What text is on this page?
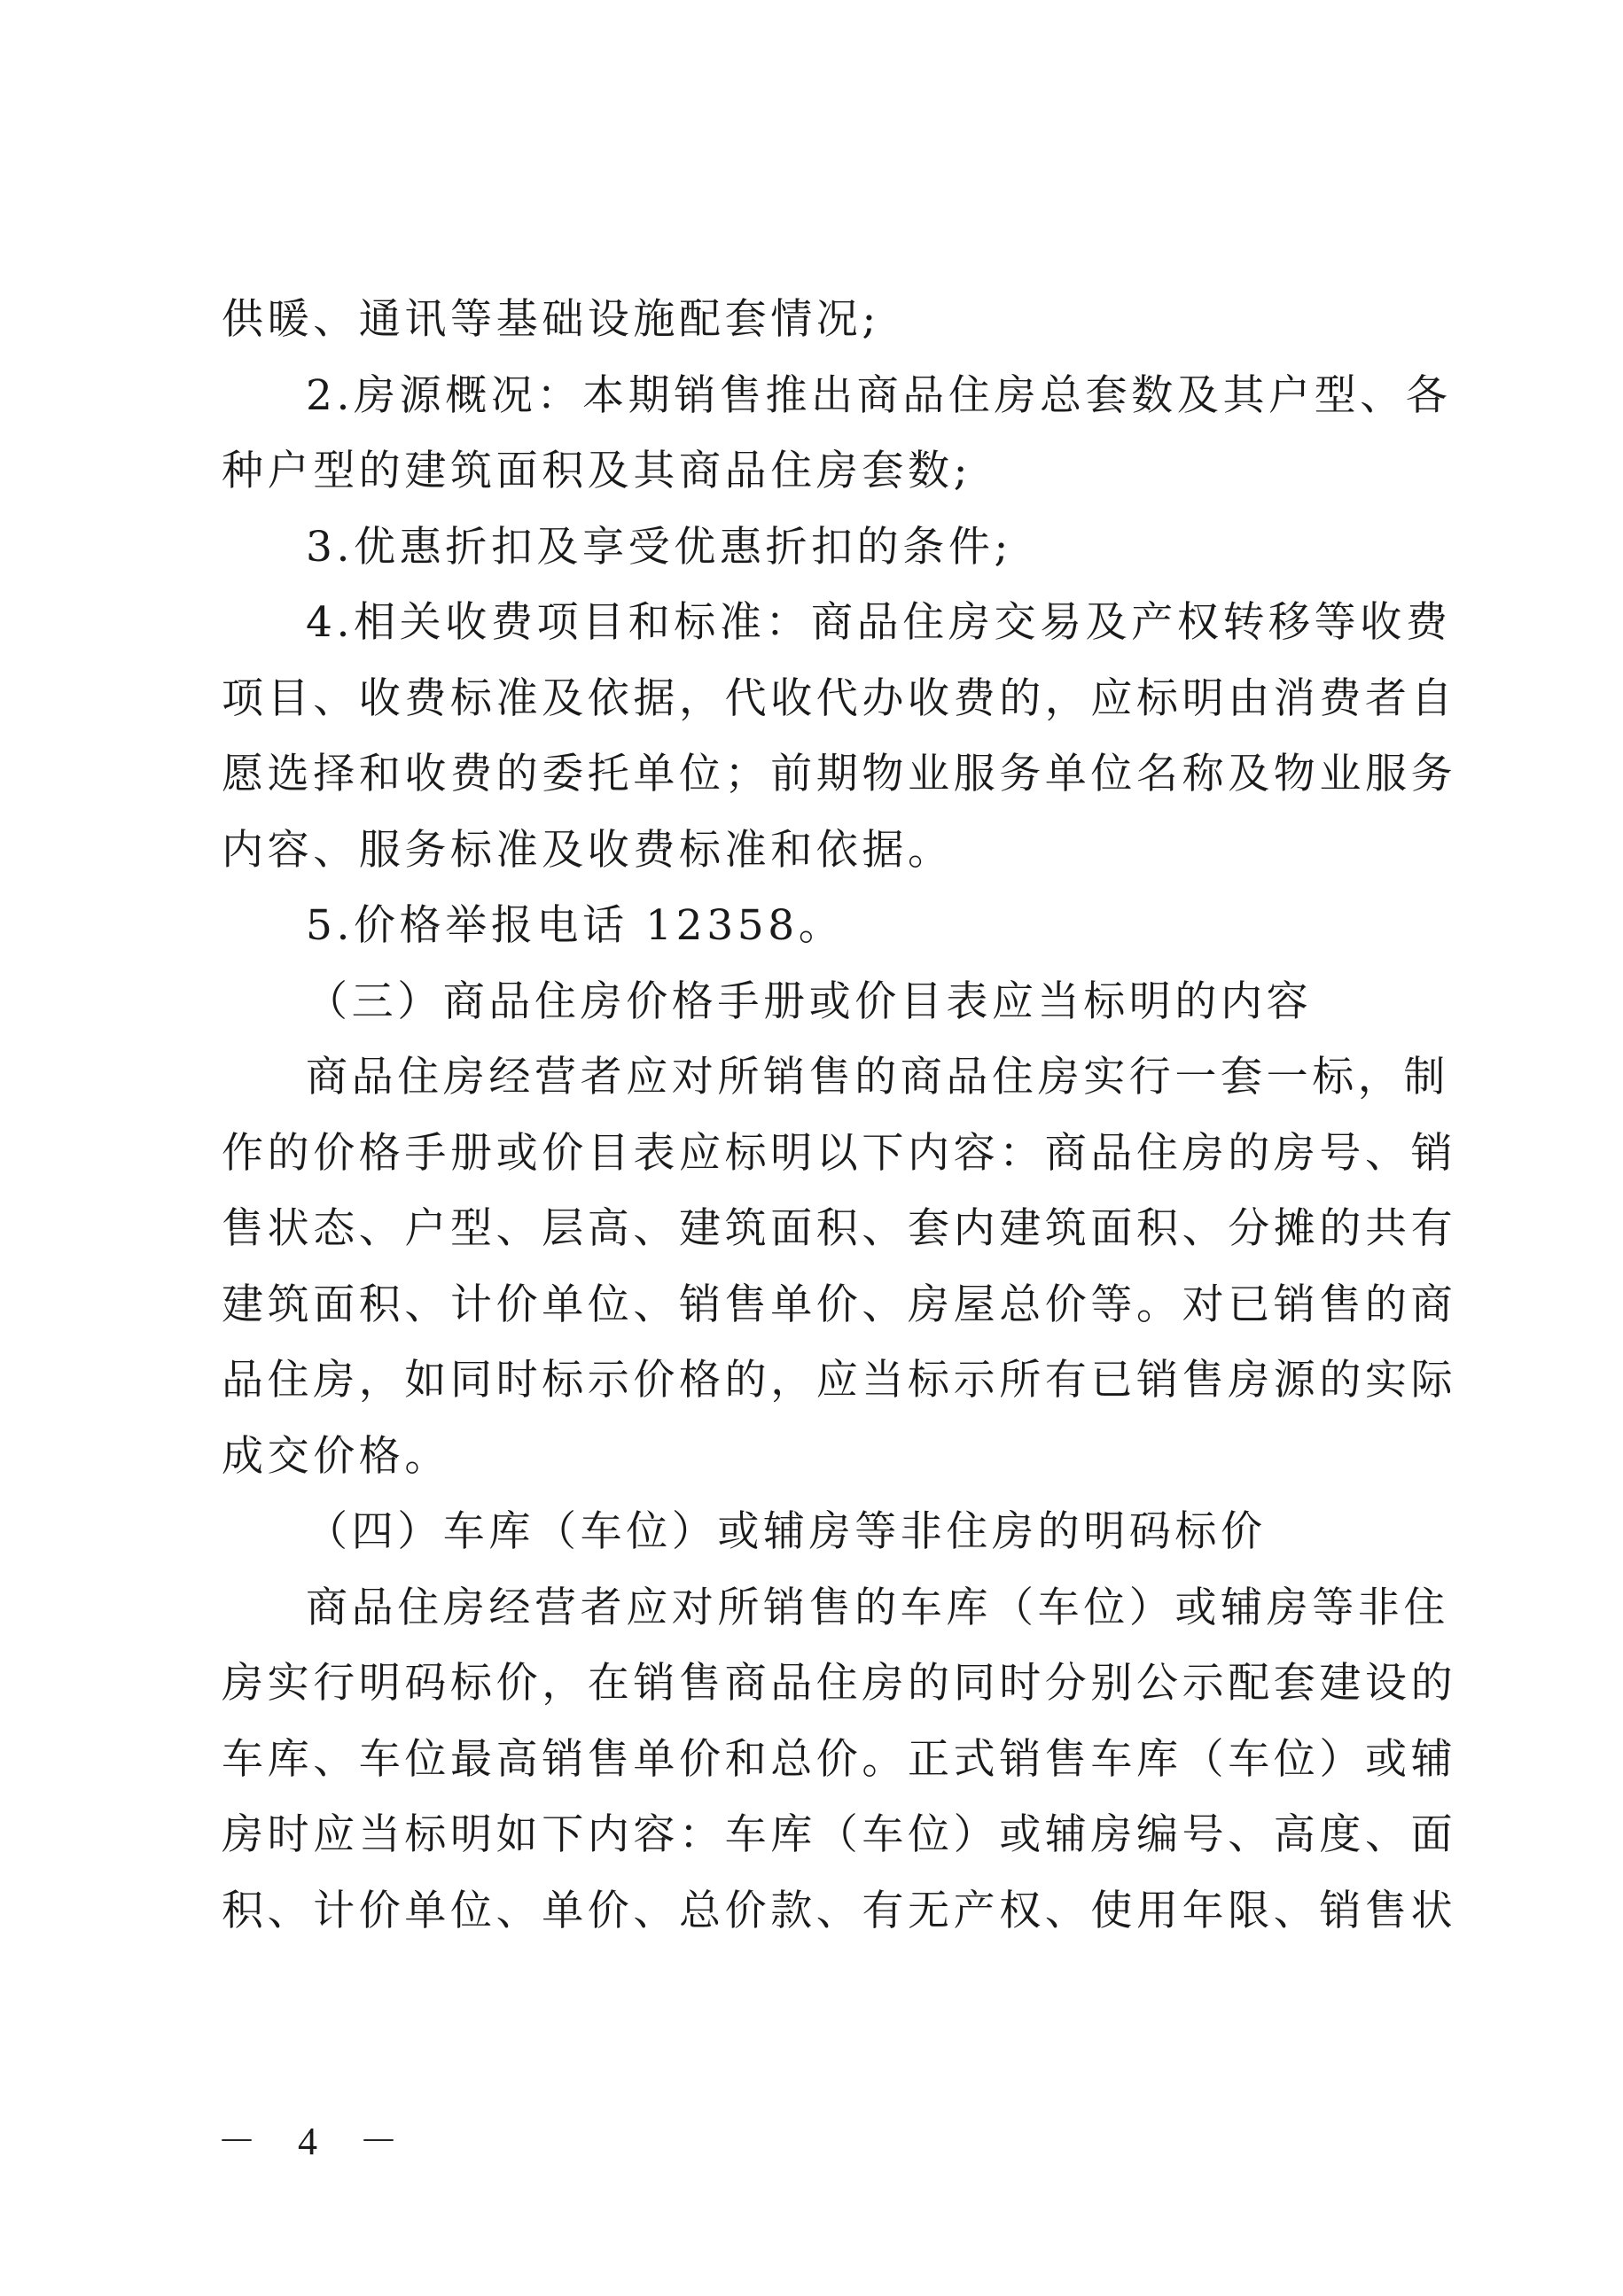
供暖、通讯等基础设施配套情况;
2.房源概况：本期销售推出商品住房总套数及其户型、各
种户型的建筑面积及其商品住房套数;
3.优惠折扣及享受优惠折扣的条件;
4.相关收费项目和标准：商品住房交易及产权转移等收费
项目、收费标准及依据，代收代办收费的，应标明由消费者自
愿选择和收费的委托单位；前期物业服务单位名称及物业服务
内容、服务标准及收费标准和依据。
5.价格举报电话 12358。
（三）商品住房价格手册或价目表应当标明的内容
商品住房经营者应对所销售的商品住房实行一套一标，制
作的价格手册或价目表应标明以下内容：商品住房的房号、销
售状态、户型、层高、建筑面积、套内建筑面积、分摊的共有
建筑面积、计价单位、销售单价、房屋总价等。对已销售的商
品住房，如同时标示价格的，应当标示所有已销售房源的实际
成交价格。
（四）车库（车位）或辅房等非住房的明码标价
商品住房经营者应对所销售的车库（车位）或辅房等非住
房实行明码标价，在销售商品住房的同时分别公示配套建设的
车库、车位最高销售单价和总价。正式销售车库（车位）或辅
房时应当标明如下内容：车库（车位）或辅房编号、高度、面
积、计价单位、单价、总价款、有无产权、使用年限、销售状
－ 4 －
